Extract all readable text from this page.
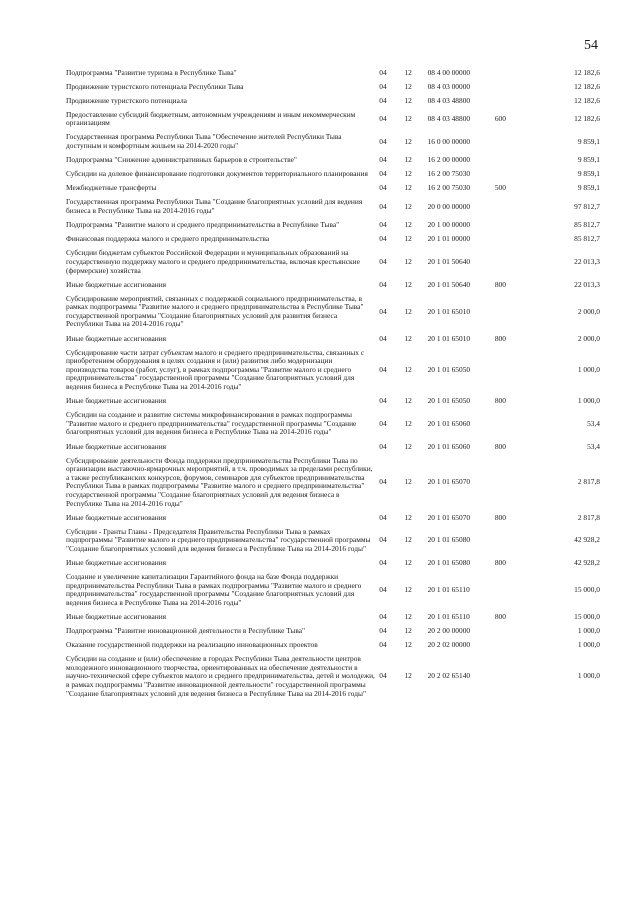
54
Подпрограмма "Развитие туризма в Республике Тыва"	04	12	08 4 00 00000		12 182,6
Продвижение туристского потенциала Республики Тыва	04	12	08 4 03 00000		12 182,6
Продвижение туристского потенциала	04	12	08 4 03 48800		12 182,6
Предоставление субсидий бюджетным, автономным учреждениям и иным некоммерческим организациям	04	12	08 4 03 48800	600	12 182,6
Государственная программа Республики Тыва "Обеспечение жителей Республики Тыва доступным и комфортным жильем на 2014-2020 годы"	04	12	16 0 00 00000		9 859,1
Подпрограмма "Снижение административных барьеров в строительстве"	04	12	16 2 00 00000		9 859,1
Субсидии на долевое финансирование подготовки документов территориального планирования	04	12	16 2 00 75030		9 859,1
Межбюджетные трансферты	04	12	16 2 00 75030	500	9 859,1
Государственная программа Республики Тыва "Создание благоприятных условий для ведения бизнеса в Республике Тыва на 2014-2016 годы"	04	12	20 0 00 00000		97 812,7
Подпрограмма "Развитие малого и среднего предпринимательства в Республике Тыва"	04	12	20 1 00 00000		85 812,7
Финансовая поддержка малого и среднего предпринимательства	04	12	20 1 01 00000		85 812,7
Субсидии бюджетам субъектов Российской Федерации и муниципальных образований на государственную поддержку малого и среднего предпринимательства, включая крестьянские (фермерские) хозяйства	04	12	20 1 01 50640		22 013,3
Иные бюджетные ассигнования	04	12	20 1 01 50640	800	22 013,3
Субсидирование мероприятий, связанных с поддержкой социального предпринимательства, в рамках подпрограммы "Развитие малого и среднего предпринимательства в Республике Тыва" государственной программы "Создание благоприятных условий для развития бизнеса Республики Тыва на 2014-2016 годы"	04	12	20 1 01 65010		2 000,0
Иные бюджетные ассигнования	04	12	20 1 01 65010	800	2 000,0
Субсидирование части затрат субъектам малого и среднего предпринимательства, связанных с приобретением оборудования в целях создания и (или) развития либо модернизации производства товаров (работ, услуг), в рамках подпрограммы "Развитие малого и среднего предпринимательства" государственной программы "Создание благоприятных условий для ведения бизнеса в Республике Тыва на 2014-2016 годы"	04	12	20 1 01 65050		1 000,0
Иные бюджетные ассигнования	04	12	20 1 01 65050	800	1 000,0
Субсидии на создание и развитие системы микрофинансирования в рамках подпрограммы "Развитие малого и среднего предпринимательства" государственной программы "Создание благоприятных условий для ведения бизнеса в Республике Тыва на 2014-2016 годы"	04	12	20 1 01 65060		53,4
Иные бюджетные ассигнования	04	12	20 1 01 65060	800	53,4
Субсидирование деятельности Фонда поддержки предпринимательства Республики Тыва по организации выставочно-ярмарочных мероприятий, в т.ч. проводимых за пределами республики, а также республиканских конкурсов, форумов, семинаров для субъектов предпринимательства Республики Тыва в рамках подпрограммы "Развитие малого и среднего предпринимательства" государственной программы "Создание благоприятных условий для ведения бизнеса в Республике Тыва на 2014-2016 годы"	04	12	20 1 01 65070		2 817,8
Иные бюджетные ассигнования	04	12	20 1 01 65070	800	2 817,8
Субсидии - Гранты Главы - Председателя Правительства Республики Тыва в рамках подпрограммы "Развитие малого и среднего предпринимательства" государственной программы "Создание благоприятных условий для ведения бизнеса в Республике Тыва на 2014-2016 годы"	04	12	20 1 01 65080		42 928,2
Иные бюджетные ассигнования	04	12	20 1 01 65080	800	42 928,2
Создание и увеличение капитализации Гарантийного фонда на базе Фонда поддержки предпринимательства Республики Тыва в рамках подпрограммы "Развитие малого и среднего предпринимательства" государственной программы "Создание благоприятных условий для ведения бизнеса в Республике Тыва на 2014-2016 годы"	04	12	20 1 01 65110		15 000,0
Иные бюджетные ассигнования	04	12	20 1 01 65110	800	15 000,0
Подпрограмма "Развитие инновационной деятельности в Республике Тыва"	04	12	20 2 00 00000		1 000,0
Оказание государственной поддержки на реализацию инновационных проектов	04	12	20 2 02 00000		1 000,0
Субсидии на создание и (или) обеспечение в городах Республики Тыва деятельности центров молодежного инновационного творчества, ориентированных на обеспечение деятельности в научно-технической сфере субъектов малого и среднего предпринимательства, детей и молодежи, в рамках подпрограммы "Развитие инновационной деятельности" государственной программы "Создание благоприятных условий для ведения бизнеса в Республике Тыва на 2014-2016 годы"	04	12	20 2 02 65140		1 000,0
